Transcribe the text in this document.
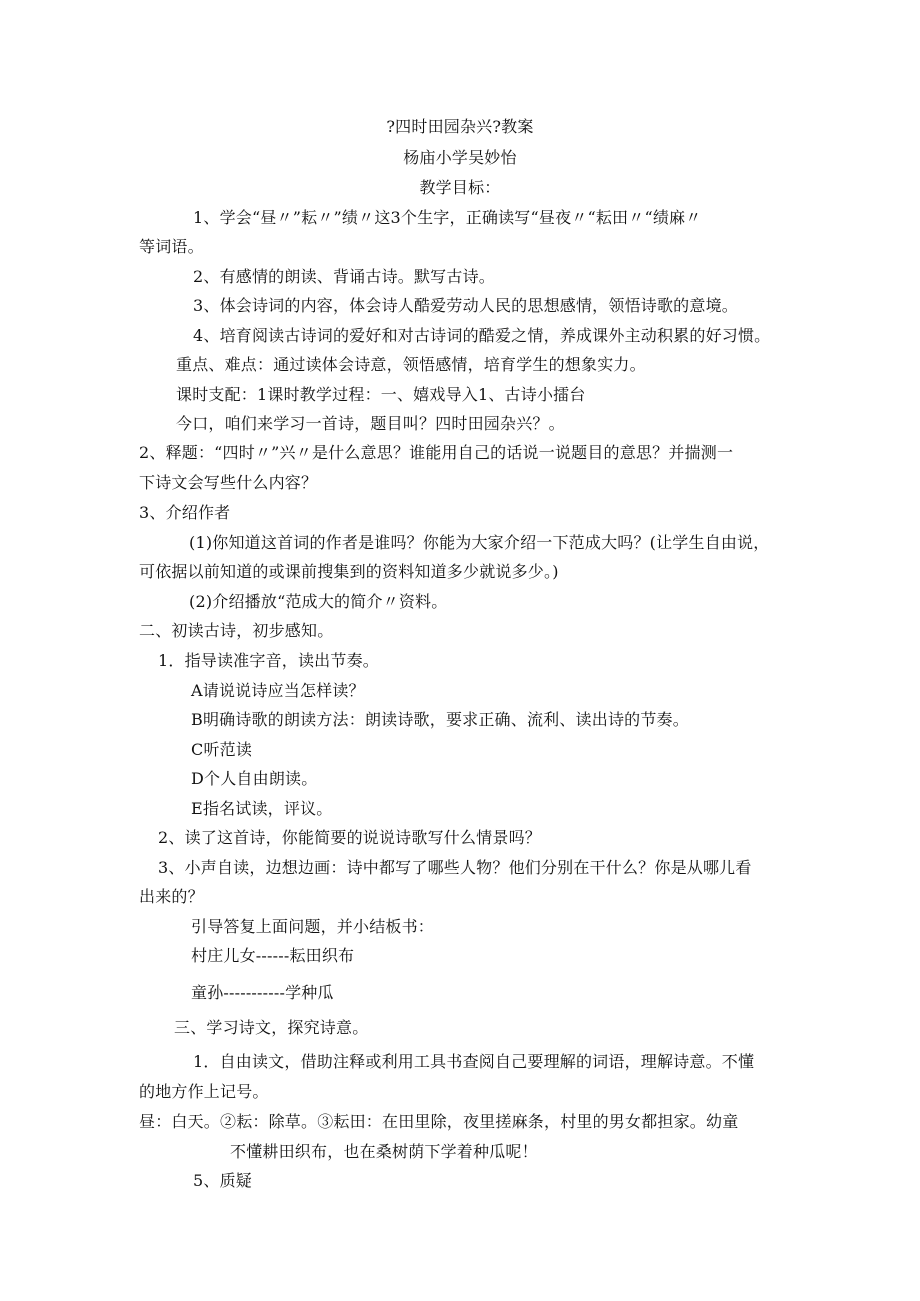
?四时田园杂兴?教案
杨庙小学吴妙怡
教学目标：
1、学会“昼〃”耘〃”绩〃这3个生字，正确读写“昼夜〃“耘田〃“绩麻〃
等词语。
2、有感情的朗读、背诵古诗。默写古诗。
3、体会诗词的内容，体会诗人酷爱劳动人民的思想感情，领悟诗歌的意境。
4、培育阅读古诗词的爱好和对古诗词的酷爱之情，养成课外主动积累的好习惯。
重点、难点：通过读体会诗意，领悟感情，培育学生的想象实力。
课时支配：1课时教学过程：一、嬉戏导入1、古诗小擂台
今口，咱们来学习一首诗，题目叫？四时田园杂兴？。
2、释题：“四时〃”兴〃是什么意思？谁能用自己的话说一说题目的意思？并揣测一
下诗文会写些什么内容？
3、介绍作者
(1)你知道这首词的作者是谁吗？你能为大家介绍一下范成大吗？(让学生自由说，
可依据以前知道的或课前搜集到的资料知道多少就说多少。)
(2)介绍播放“范成大的简介〃资料。
二、初读古诗，初步感知。
1．指导读准字音，读出节奏。
A请说说诗应当怎样读？
B明确诗歌的朗读方法：朗读诗歌，要求正确、流利、读出诗的节奏。
C听范读
D个人自由朗读。
E指名试读，评议。
2、读了这首诗，你能简要的说说诗歌写什么情景吗？
3、小声自读，边想边画：诗中都写了哪些人物？他们分别在干什么？你是从哪儿看
出来的？
引导答复上面问题，并小结板书：
村庄儿女------耘田织布
童孙-----------学种瓜
三、学习诗文，探究诗意。
1．自由读文，借助注释或利用工具书查阅自己要理解的词语，理解诗意。不懂
的地方作上记号。
昼：白天。②耘：除草。③耘田：在田里除，夜里搓麻条，村里的男女都担家。幼童
不懂耕田织布，也在桑树荫下学着种瓜呢！
5、质疑
